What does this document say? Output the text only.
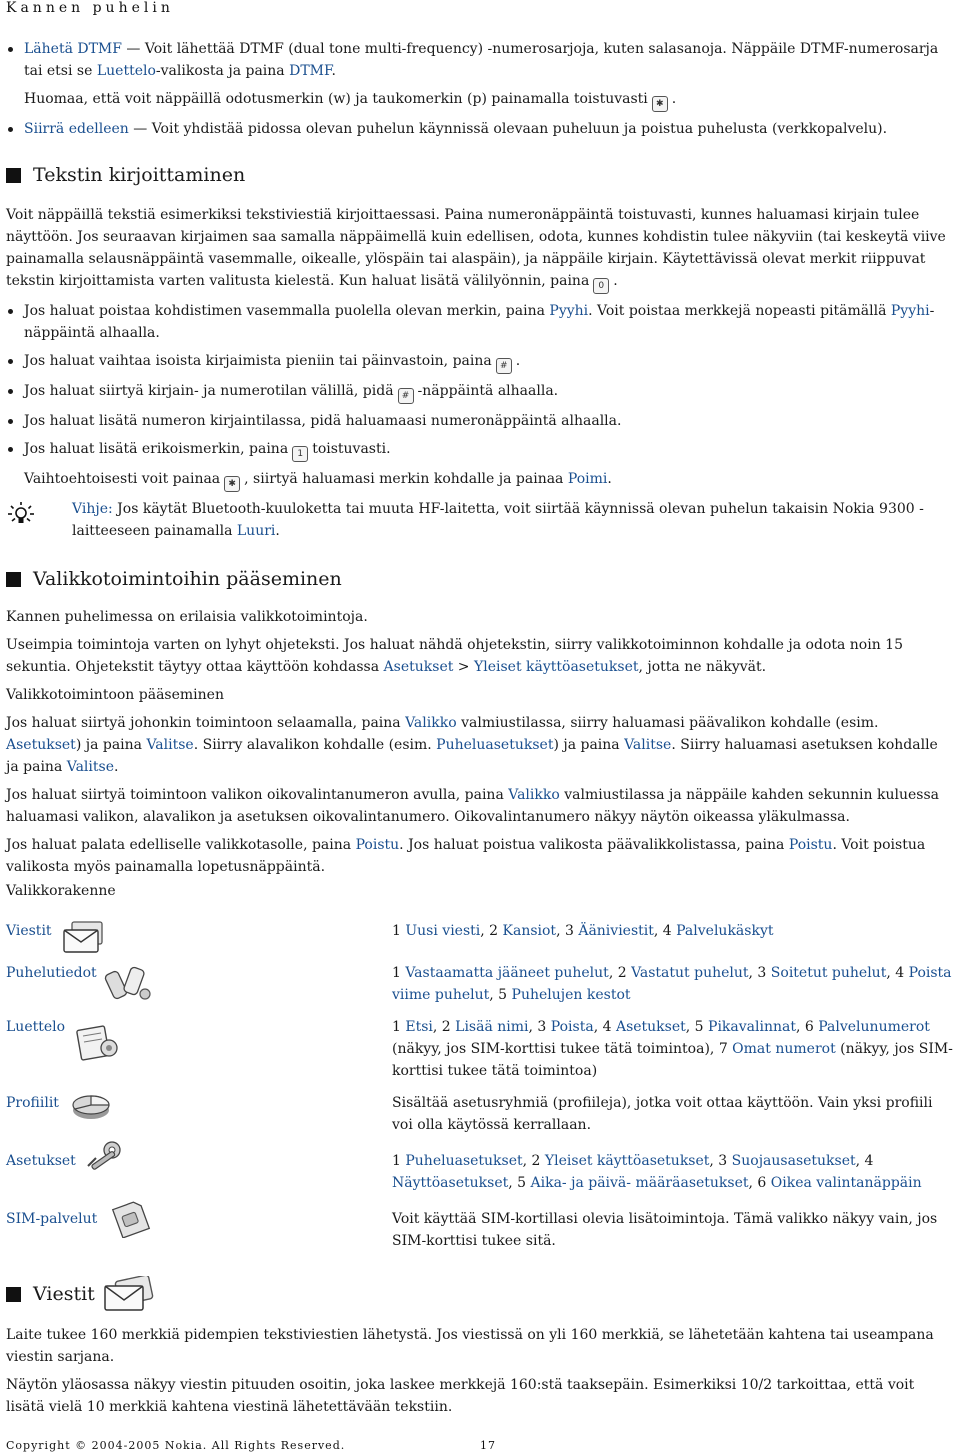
Kannen puhelin

Lähetä DTMF — Voit lähettää DTMF (dual tone multi-frequency) -numerosarjoja, kuten salasanoja. Näppäile DTMF-numerosarja tai etsi se Luettelo-valikosta ja paina DTMF.

Huomaa, että voit näppäillä odotusmerkin (w) ja taukomerkin (p) painamalla toistuvasti ✱ .

Siirrä edelleen — Voit yhdistää pidossa olevan puhelun käynnissä olevaan puheluun ja poistua puhelusta (verkkopalvelu).
Tekstin kirjoittaminen

Voit näppäillä tekstiä esimerkiksi tekstiviestiä kirjoittaessasi. Paina numeronäppäintä toistuvasti, kunnes haluamasi kirjain tulee näyttöön. Jos seuraavan kirjaimen saa samalla näppäimellä kuin edellisen, odota, kunnes kohdistin tulee näkyviin (tai keskeytä viive painamalla selausnäppäintä vasemmalle, oikealle, ylöspäin tai alaspäin), ja näppäile kirjain. Käytettävissä olevat merkit riippuvat tekstin kirjoittamista varten valitusta kielestä. Kun haluat lisätä välilyönnin, paina 0 .

Jos haluat poistaa kohdistimen vasemmalla puolella olevan merkin, paina Pyyhi. Voit poistaa merkkejä nopeasti pitämällä Pyyhi-näppäintä alhaalla.
Jos haluat vaihtaa isoista kirjaimista pieniin tai päinvastoin, paina # .
Jos haluat siirtyä kirjain- ja numerotilan välillä, pidä # -näppäintä alhaalla.
Jos haluat lisätä numeron kirjaintilassa, pidä haluamaasi numeronäppäintä alhaalla.
Jos haluat lisätä erikoismerkin, paina 1 toistuvasti.

Vaihtoehtoisesti voit painaa ✱ , siirtyä haluamasi merkin kohdalle ja painaa Poimi.

Vihje: Jos käytät Bluetooth-kuuloketta tai muuta HF-laitetta, voit siirtää käynnissä olevan puhelun takaisin Nokia 9300 -laitteeseen painamalla Luuri.

Valikkotoimintoihin pääseminen

Kannen puhelimessa on erilaisia valikkotoimintoja.

Useimpia toimintoja varten on lyhyt ohjeteksti. Jos haluat nähdä ohjetekstin, siirry valikkotoiminnon kohdalle ja odota noin 15 sekuntia. Ohjetekstit täytyy ottaa käyttöön kohdassa Asetukset > Yleiset käyttöasetukset, jotta ne näkyvät.

Valikkotoimintoon pääseminen

Jos haluat siirtyä johonkin toimintoon selaamalla, paina Valikko valmiustilassa, siirry haluamasi päävalikon kohdalle (esim. Asetukset) ja paina Valitse. Siirry alavalikon kohdalle (esim. Puheluasetukset) ja paina Valitse. Siirry haluamasi asetuksen kohdalle ja paina Valitse.

Jos haluat siirtyä toimintoon valikon oikovalintanumeron avulla, paina Valikko valmiustilassa ja näppäile kahden sekunnin kuluessa haluamasi valikon, alavalikon ja asetuksen oikovalintanumero. Oikovalintanumero näkyy näytön oikeassa yläkulmassa.

Jos haluat palata edelliselle valikkotasolle, paina Poistu. Jos haluat poistua valikosta päävalikkolistassa, paina Poistu. Voit poistua valikosta myös painamalla lopetusnäppäintä.

Valikkorakenne

Viestit	1 Uusi viesti, 2 Kansiot, 3 Ääniviestit, 4 Palvelukäskyt
Puhelutiedot	1 Vastaamatta jääneet puhelut, 2 Vastatut puhelut, 3 Soitetut puhelut, 4 Poista viime puhelut, 5 Puhelujen kestot
Luettelo	1 Etsi, 2 Lisää nimi, 3 Poista, 4 Asetukset, 5 Pikavalinnat, 6 Palvelunumerot (näkyy, jos SIM-korttisi tukee tätä toimintoa), 7 Omat numerot (näkyy, jos SIM-korttisi tukee tätä toimintoa)
Profiilit	Sisältää asetusryhmiä (profiileja), jotka voit ottaa käyttöön. Vain yksi profiili voi olla käytössä kerrallaan.
Asetukset	1 Puheluasetukset, 2 Yleiset käyttöasetukset, 3 Suojausasetukset, 4 Näyttöasetukset, 5 Aika- ja päivä- määräasetukset, 6 Oikea valintanäppäin
SIM-palvelut	Voit käyttää SIM-kortillasi olevia lisätoimintoja. Tämä valikko näkyy vain, jos SIM-korttisi tukee sitä.
Viestit

Laite tukee 160 merkkiä pidempien tekstiviestien lähetystä. Jos viestissä on yli 160 merkkiä, se lähetetään kahtena tai useampana viestin sarjana.

Näytön yläosassa näkyy viestin pituuden osoitin, joka laskee merkkejä 160:stä taaksepäin. Esimerkiksi 10/2 tarkoittaa, että voit lisätä vielä 10 merkkiä kahtena viestinä lähetettävään tekstiin.

Copyright © 2004-2005 Nokia. All Rights Reserved.	17
